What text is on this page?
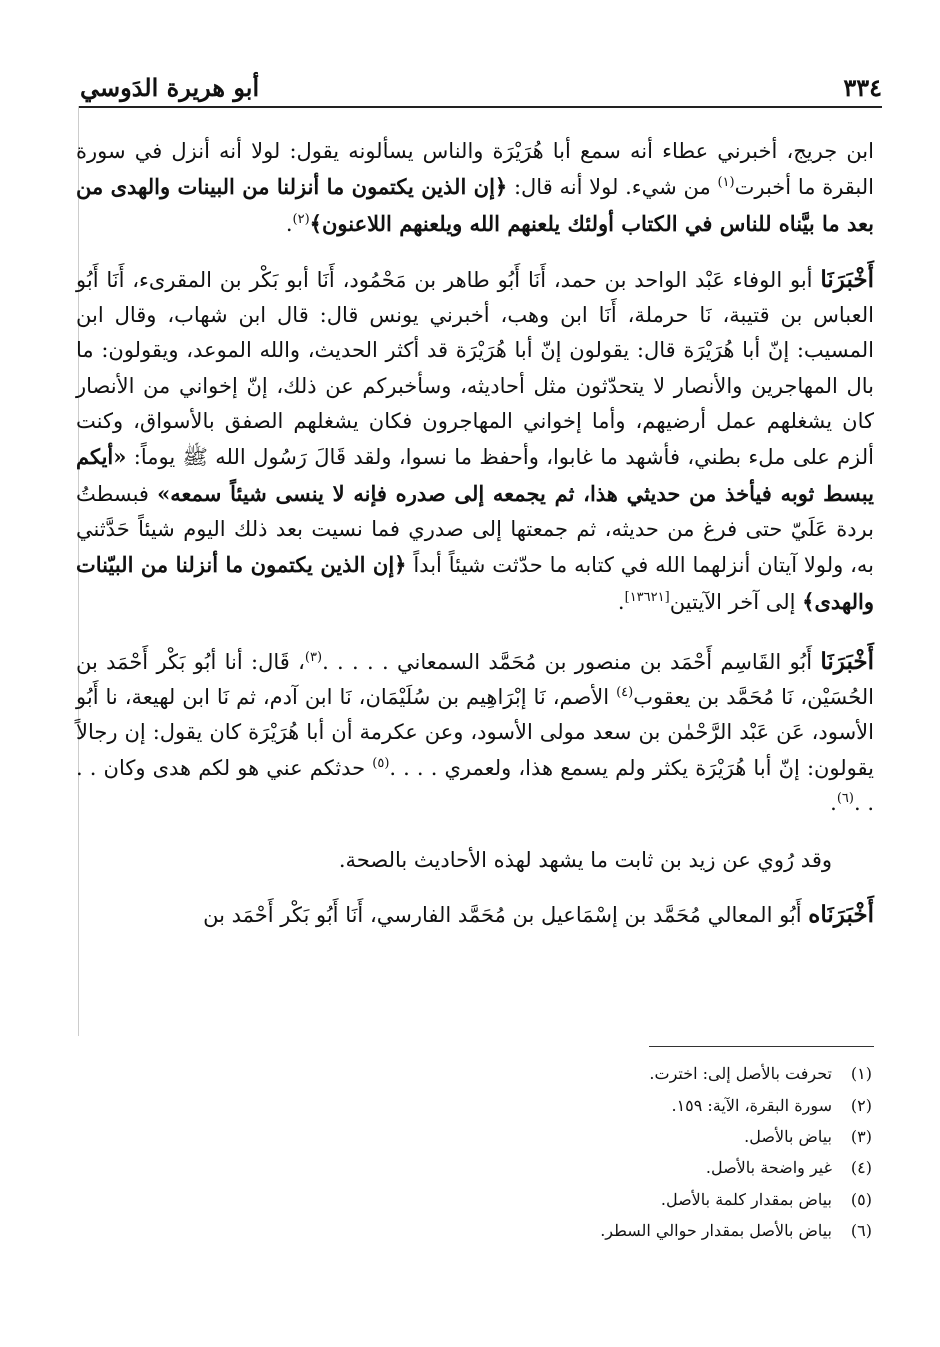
٣٣٤
أبو هريرة الدَوسي

ابن جريج، أخبرني عطاء أنه سمع أبا هُرَيْرَة والناس يسألونه يقول: لولا أنه أنزل في سورة البقرة ما أخبرت$^{(١)}$ من شيء. لولا أنه قال: ﴿إن الذين يكتمون ما أنزلنا من البينات والهدى من بعد ما بيَّناه للناس في الكتاب أولئك يلعنهم الله ويلعنهم اللاعنون﴾$^{(٢)}$.

أَخْبَرَنَا أبو الوفاء عَبْد الواحد بن حمد، أَنَا أَبُو طاهر بن مَحْمُود، أَنَا أبو بَكْر بن المقرىء، أَنَا أَبُو العباس بن قتيبة، نَا حرملة، أَنَا ابن وهب، أخبرني يونس قال: قال ابن شهاب، وقال ابن المسيب: إنّ أبا هُرَيْرَة قال: يقولون إنّ أبا هُرَيْرَة قد أكثر الحديث، والله الموعد، ويقولون: ما بال المهاجرين والأنصار لا يتحدّثون مثل أحاديثه، وسأخبركم عن ذلك، إنّ إخواني من الأنصار كان يشغلهم عمل أرضيهم، وأما إخواني المهاجرون فكان يشغلهم الصفق بالأسواق، وكنت ألزم على ملء بطني، فأشهد ما غابوا، وأحفظ ما نسوا، ولقد قَالَ رَسُول الله ﷺ يوماً: «أيكم يبسط ثوبه فيأخذ من حديثي هذا، ثم يجمعه إلى صدره فإنه لا ينسى شيئاً سمعه» فبسطتُ بردة عَلَيّ حتى فرغ من حديثه، ثم جمعتها إلى صدري فما نسيت بعد ذلك اليوم شيئاً حَدَّثني به، ولولا آيتان أنزلهما الله في كتابه ما حدّثت شيئاً أبداً ﴿إن الذين يكتمون ما أنزلنا من البيّنات والهدى﴾ إلى آخر الآيتين[١٣٦٢١].

أَخْبَرَنَا أَبُو القَاسِم أَحْمَد بن منصور بن مُحَمَّد السمعاني . . . . .$^{(٣)}$، قَال: أنا أبُو بَكْر أَحْمَد بن الحُسَيْن، نَا مُحَمَّد بن يعقوب$^{(٤)}$ الأصم، نَا إبْرَاهِيم بن سُلَيْمَان، نَا ابن آدم، ثم نَا ابن لهيعة، نا أَبُو الأسود، عَن عَبْد الرَّحْمٰن بن سعد مولى الأسود، وعن عكرمة أن أبا هُرَيْرَة كان يقول: إن رجالاً يقولون: إنّ أبا هُرَيْرَة يكثر ولم يسمع هذا، ولعمري . . . .$^{(٥)}$ حدثكم عني هو لكم هدى وكان . . . .$^{(٦)}$.

وقد رُوي عن زيد بن ثابت ما يشهد لهذه الأحاديث بالصحة.

أَخْبَرَنَاه أَبُو المعالي مُحَمَّد بن إسْمَاعيل بن مُحَمَّد الفارسي، أَنَا أَبُو بَكْر أَحْمَد بن

(١)
تحرفت بالأصل إلى: اخترت.
(٢)
سورة البقرة، الآية: ١٥٩.
(٣)
بياض بالأصل.
(٤)
غير واضحة بالأصل.
(٥)
بياض بمقدار كلمة بالأصل.
(٦)
بياض بالأصل بمقدار حوالي السطر.
